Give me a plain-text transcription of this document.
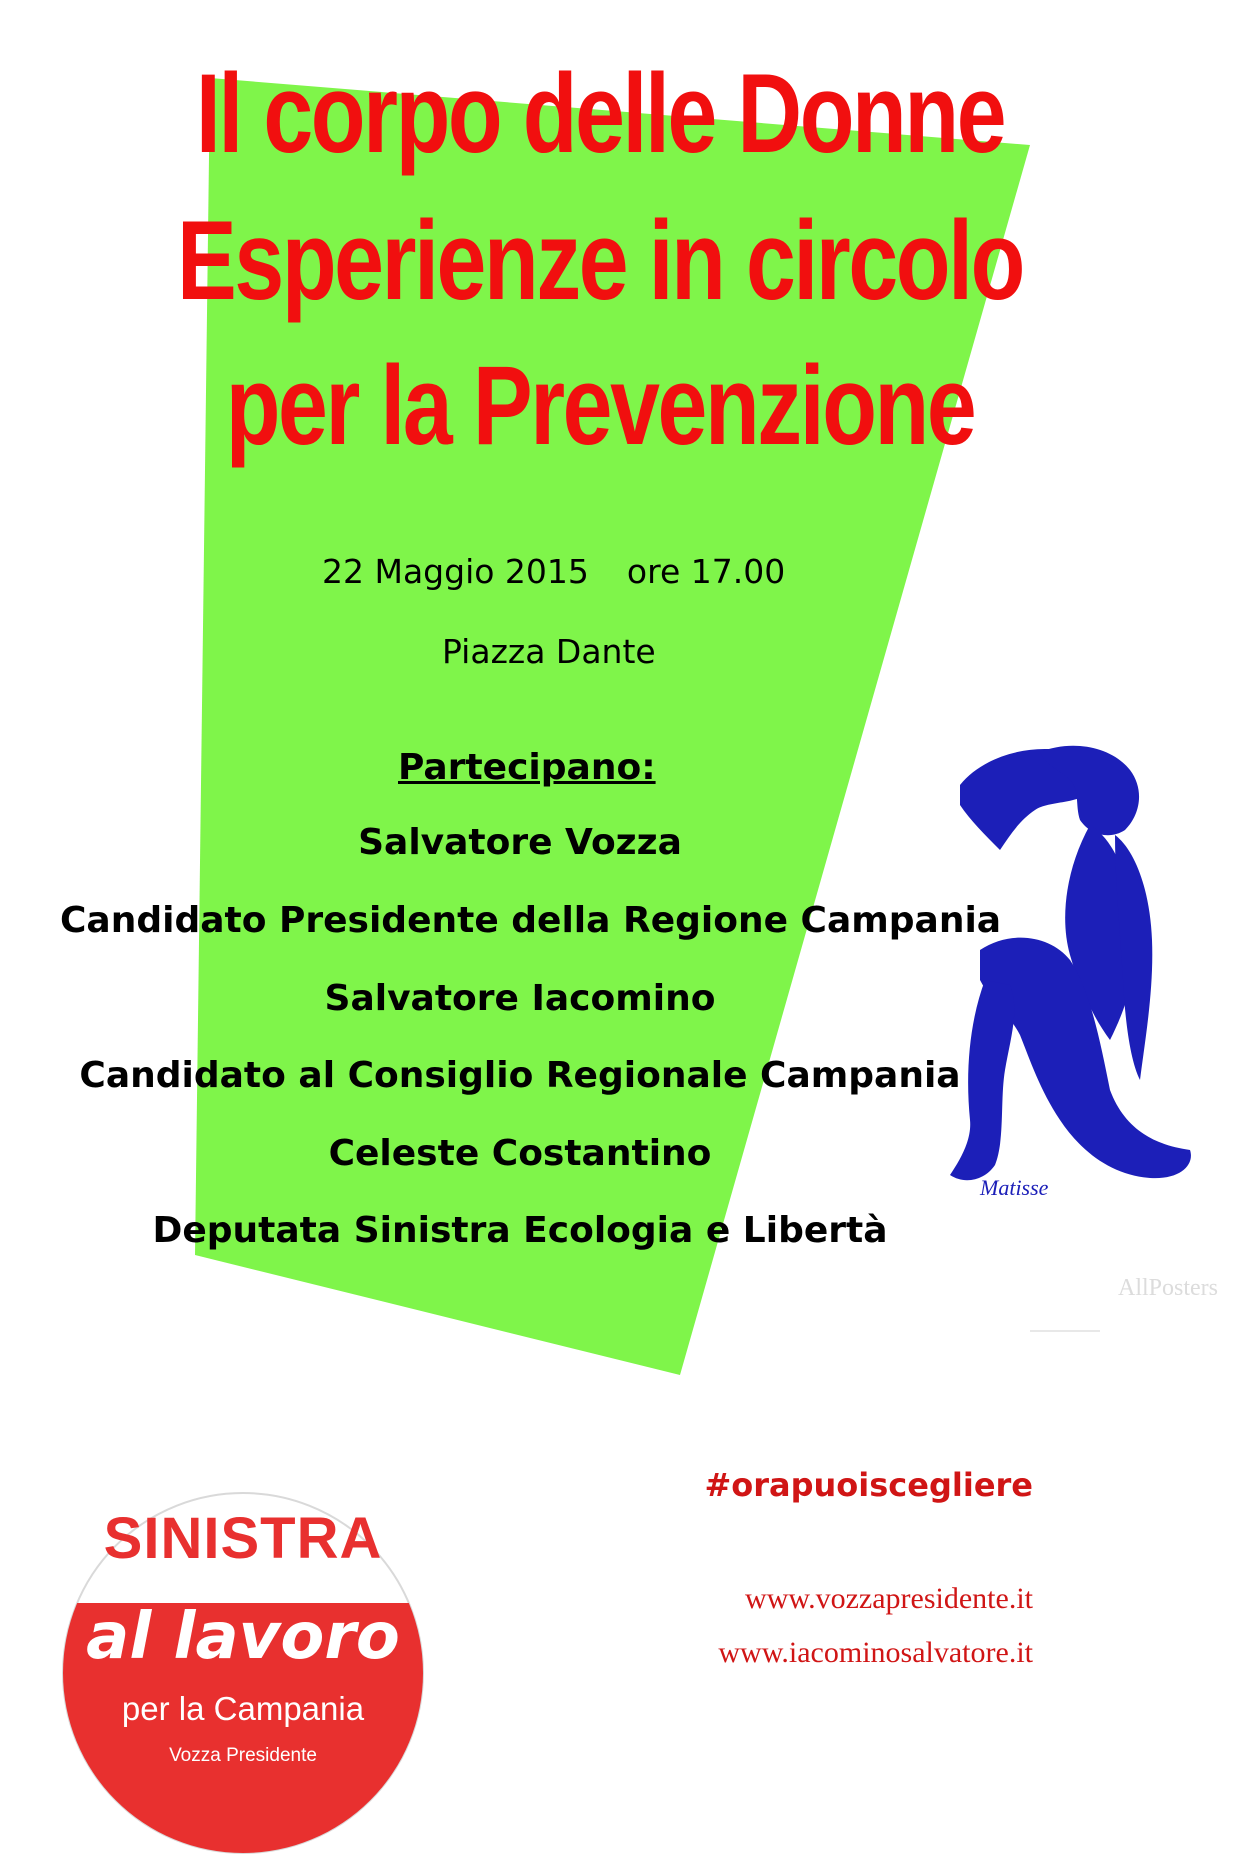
Il corpo delle Donne
Esperienze in circolo
per la Prevenzione
22 Maggio 2015 ore 17.00
Piazza Dante
Partecipano:
Salvatore Vozza
Candidato Presidente della Regione Campania
Salvatore Iacomino
Candidato al Consiglio Regionale Campania
Celeste Costantino
Deputata Sinistra Ecologia e Libertà
Matisse
AllPosters
SINISTRA
al lavoro
per la Campania
Vozza Presidente
#orapuoiscegliere
www.vozzapresidente.it
www.iacominosalvatore.it
